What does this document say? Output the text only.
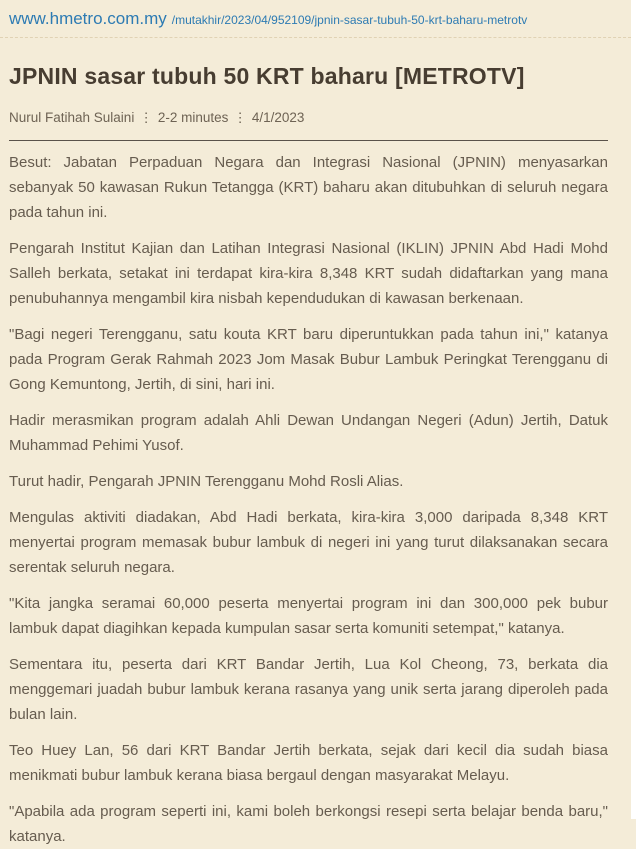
www.hmetro.com.my /mutakhir/2023/04/952109/jpnin-sasar-tubuh-50-krt-baharu-metrotv
JPNIN sasar tubuh 50 KRT baharu [METROTV]
Nurul Fatihah Sulaini ⋮ 2-2 minutes ⋮ 4/1/2023

Besut: Jabatan Perpaduan Negara dan Integrasi Nasional (JPNIN) menyasarkan sebanyak 50 kawasan Rukun Tetangga (KRT) baharu akan ditubuhkan di seluruh negara pada tahun ini.

Pengarah Institut Kajian dan Latihan Integrasi Nasional (IKLIN) JPNIN Abd Hadi Mohd Salleh berkata, setakat ini terdapat kira-kira 8,348 KRT sudah didaftarkan yang mana penubuhannya mengambil kira nisbah kependudukan di kawasan berkenaan.

"Bagi negeri Terengganu, satu kouta KRT baru diperuntukkan pada tahun ini," katanya pada Program Gerak Rahmah 2023 Jom Masak Bubur Lambuk Peringkat Terengganu di Gong Kemuntong, Jertih, di sini, hari ini.

Hadir merasmikan program adalah Ahli Dewan Undangan Negeri (Adun) Jertih, Datuk Muhammad Pehimi Yusof.

Turut hadir, Pengarah JPNIN Terengganu Mohd Rosli Alias.

Mengulas aktiviti diadakan, Abd Hadi berkata, kira-kira 3,000 daripada 8,348 KRT menyertai program memasak bubur lambuk di negeri ini yang turut dilaksanakan secara serentak seluruh negara.

"Kita jangka seramai 60,000 peserta menyertai program ini dan 300,000 pek bubur lambuk dapat diagihkan kepada kumpulan sasar serta komuniti setempat," katanya.

Sementara itu, peserta dari KRT Bandar Jertih, Lua Kol Cheong, 73, berkata dia menggemari juadah bubur lambuk kerana rasanya yang unik serta jarang diperoleh pada bulan lain.

Teo Huey Lan, 56 dari KRT Bandar Jertih berkata, sejak dari kecil dia sudah biasa menikmati bubur lambuk kerana biasa bergaul dengan masyarakat Melayu.

"Apabila ada program seperti ini, kami boleh berkongsi resepi serta belajar benda baru," katanya.
